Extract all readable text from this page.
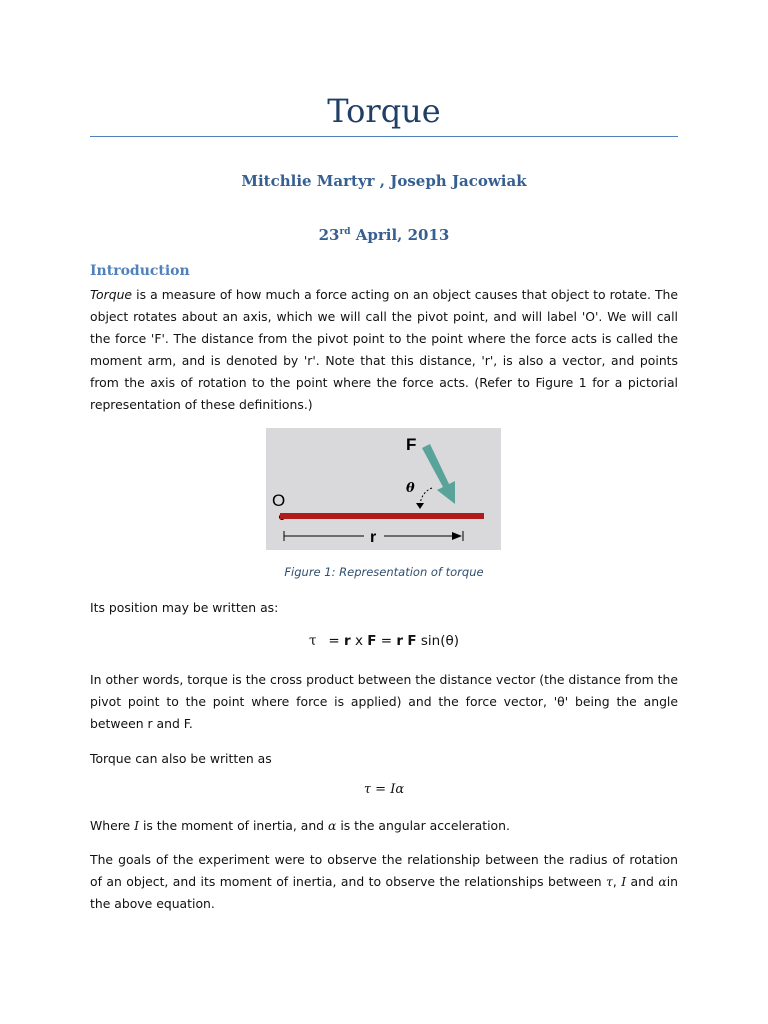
Torque
Mitchlie Martyr , Joseph Jacowiak
23rd April, 2013
Introduction
Torque is a measure of how much a force acting on an object causes that object to rotate. The object rotates about an axis, which we will call the pivot point, and will label 'O'. We will call the force 'F'. The distance from the pivot point to the point where the force acts is called the moment arm, and is denoted by 'r'. Note that this distance, 'r', is also a vector, and points from the axis of rotation to the point where the force acts. (Refer to Figure 1 for a pictorial representation of these definitions.)
F
θ
O
r
Figure 1: Representation of torque
Its position may be written as:
τ = r x F = r F sin(θ)
In other words, torque is the cross product between the distance vector (the distance from the pivot point to the point where force is applied) and the force vector, 'θ' being the angle between r and F.
Torque can also be written as
τ = Iα
Where I is the moment of inertia, and α is the angular acceleration.
The goals of the experiment were to observe the relationship between the radius of rotation of an object, and its moment of inertia, and to observe the relationships between τ, I and αin the above equation.
